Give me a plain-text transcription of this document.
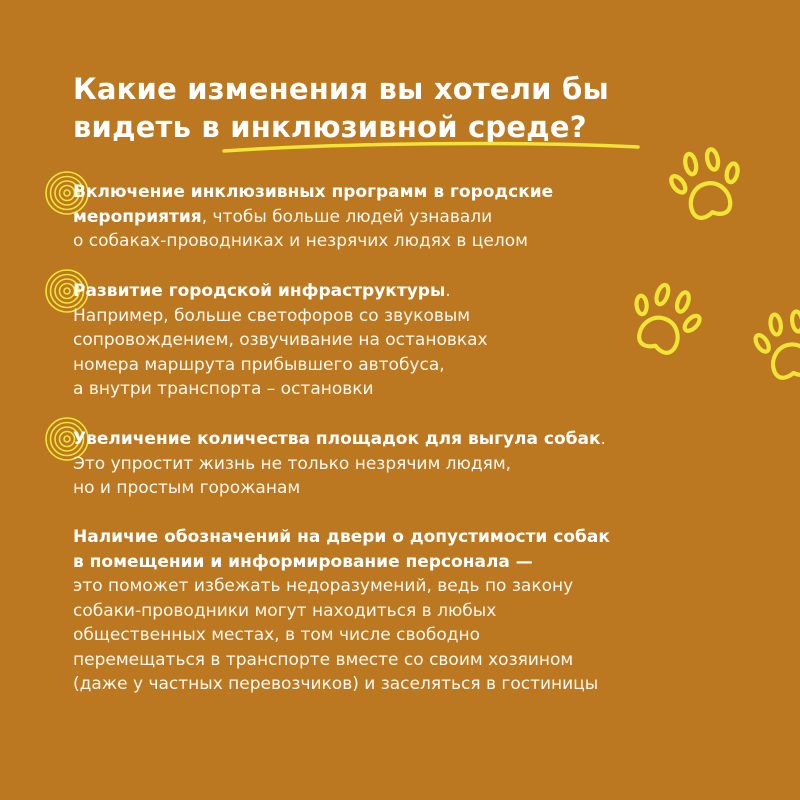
Какие изменения вы хотели бы
видеть в инклюзивной среде?

Включение инклюзивных программ в городские
мероприятия, чтобы больше людей узнавали
о собаках-проводниках и незрячих людях в целом

Развитие городской инфраструктуры.
Например, больше светофоров со звуковым
сопровождением, озвучивание на остановках
номера маршрута прибывшего автобуса,
а внутри транспорта – остановки

Увеличение количества площадок для выгула собак.
Это упростит жизнь не только незрячим людям,
но и простым горожанам

Наличие обозначений на двери о допустимости собак
в помещении и информирование персонала —
это поможет избежать недоразумений, ведь по закону
собаки-проводники могут находиться в любых
общественных местах, в том числе свободно
перемещаться в транспорте вместе со своим хозяином
(даже у частных перевозчиков) и заселяться в гостиницы
